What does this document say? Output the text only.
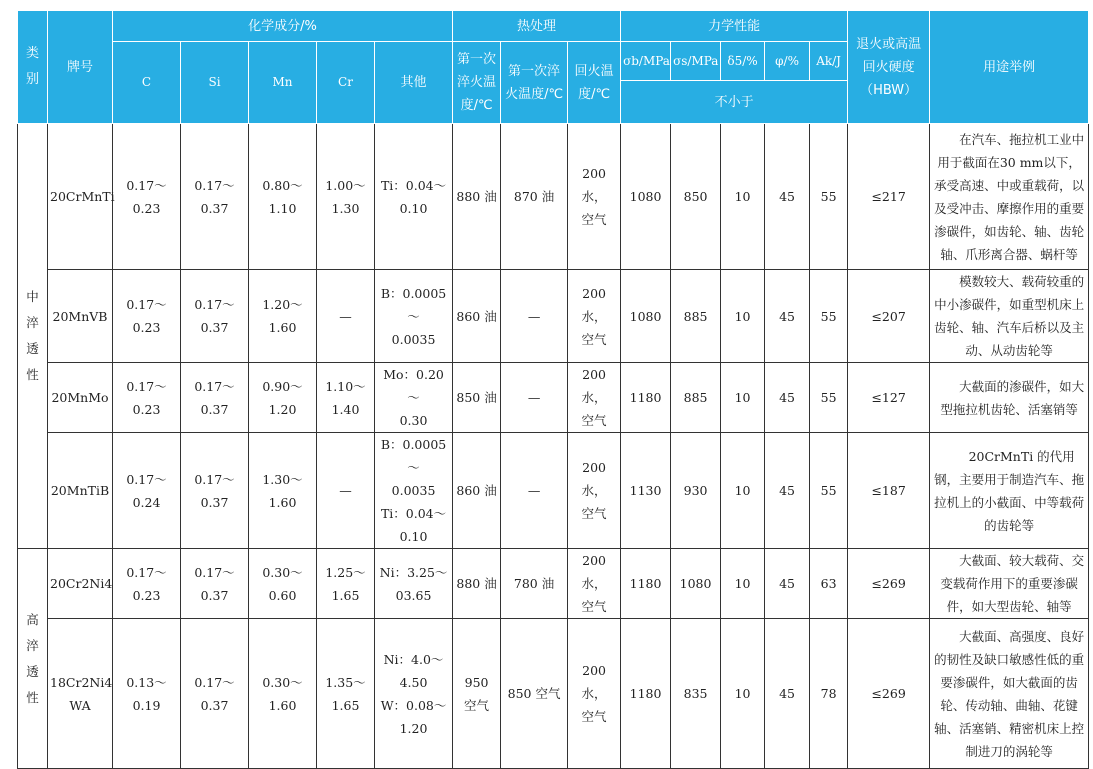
类别	牌号	化学成分/%					热处理			力学性能					退火或高温回火硬度（HBW）	用途举例
		C	Si	Mn	Cr	其他	第一次淬火温度/℃	第一次淬火温度/℃	回火温度/℃	σb/MPa	σs/MPa	δ5/%	φ/%	Ak/J		
										不小于						

中淬透性	20CrMnTi	0.17～0.23	0.17～0.37	0.80～1.10	1.00～
1.30	Ti：0.04～
0.10	880 油	870 油	200 水，
空气	1080	850	10	45	55	≤217	在汽车、拖拉机工业中用于截面在30 mm以下，承受高速、中或重载荷，以及受冲击、摩擦作用的重要渗碳件，如齿轮、轴、齿轮轴、爪形离合器、蜗杆等

	20MnVB	0.17～0.23	0.17～0.37	1.20～1.60	—	B：0.0005～
0.0035	860 油	—	200 水，
空气	1080	885	10	45	55	≤207	模数较大、载荷较重的中小渗碳件，如重型机床上齿轮、轴、汽车后桥以及主动、从动齿轮等

	20MnMo	0.17～0.23	0.17～0.37	0.90～1.20	1.10～
1.40	Mo：0.20～
0.30	850 油	—	200 水，
空气	1180	885	10	45	55	≤127	大截面的渗碳件，如大型拖拉机齿轮、活塞销等

	20MnTiB	0.17～0.24	0.17～0.37	1.30～1.60	—	B：0.0005～
0.0035
Ti：0.04～
0.10	860 油	—	200 水，
空气	1130	930	10	45	55	≤187	20CrMnTi 的代用钢，主要用于制造汽车、拖拉机上的小截面、中等载荷的齿轮等

高淬透性	20Cr2Ni4	0.17～0.23	0.17～0.37	0.30～0.60	1.25～
1.65	Ni：3.25～
03.65	880 油	780 油	200 水，
空气	1180	1080	10	45	63	≤269	大截面、较大载荷、交变载荷作用下的重要渗碳件，如大型齿轮、轴等

	18Cr2Ni4
WA	0.13～0.19	0.17～0.37	0.30～1.60	1.35～
1.65	Ni：4.0～
4.50
W：0.08～
1.20	950
空气	850 空气	200 水，
空气	1180	835	10	45	78	≤269	大截面、高强度、良好的韧性及缺口敏感性低的重要渗碳件，如大截面的齿轮、传动轴、曲轴、花键轴、活塞销、精密机床上控制进刀的涡轮等
